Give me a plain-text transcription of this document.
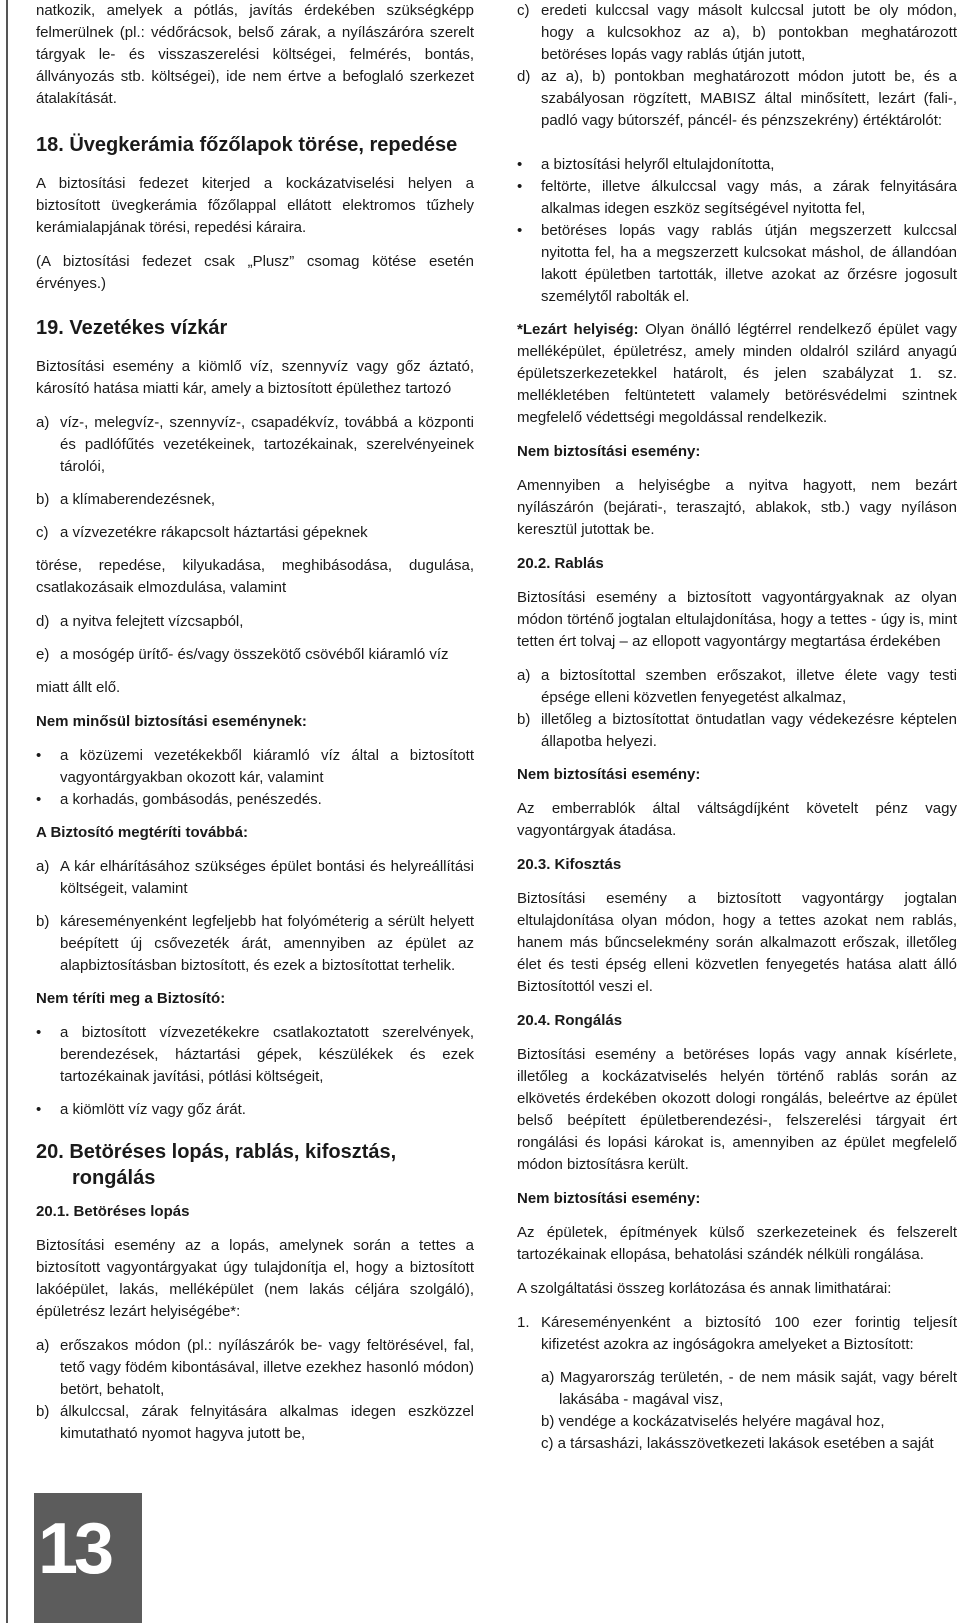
natkozik, amelyek a pótlás, javítás érdekében szükségképp felmerülnek (pl.: védőrácsok, belső zárak, a nyílászáróra szerelt tárgyak le- és visszaszerelési költségei, felmérés, bontás, állványozás stb. költségei), ide nem értve a befoglaló szerkezet átalakítását.

18. Üvegkerámia főzőlapok törése, repedése

A biztosítási fedezet kiterjed a kockázatviselési helyen a biztosított üvegkerámia főzőlappal ellátott elektromos tűzhely kerámialapjának törési, repedési káraira.

(A biztosítási fedezet csak „Plusz” csomag kötése esetén érvényes.)

19. Vezetékes vízkár

Biztosítási esemény a kiömlő víz, szennyvíz vagy gőz áztató, károsító hatása miatti kár, amely a biztosított épülethez tartozó

a) víz-, melegvíz-, szennyvíz-, csapadékvíz, továbbá a központi és padlófűtés vezetékeinek, tartozékainak, szerelvényeinek tárolói,
b) a klímaberendezésnek,
c) a vízvezetékre rákapcsolt háztartási gépeknek

törése, repedése, kilyukadása, meghibásodása, dugulása, csatlakozásaik elmozdulása, valamint

d) a nyitva felejtett vízcsapból,
e) a mosógép ürítő- és/vagy összekötő csövéből kiáramló víz

miatt állt elő.

Nem minősül biztosítási eseménynek:
• a közüzemi vezetékekből kiáramló víz által a biztosított vagyontárgyakban okozott kár, valamint
• a korhadás, gombásodás, penészedés.
A Biztosító megtéríti továbbá:
a) A kár elhárításához szükséges épület bontási és helyreállítási költségeit, valamint
b) káreseményenként legfeljebb hat folyóméterig a sérült helyett beépített új csővezeték árát, amennyiben az épület az alapbiztosításban biztosított, és ezek a biztosítottat terhelik.
Nem téríti meg a Biztosító:
• a biztosított vízvezetékekre csatlakoztatott szerelvények, berendezések, háztartási gépek, készülékek és ezek tartozékainak javítási, pótlási költségeit,
• a kiömlött víz vagy gőz árát.
20. Betöréses lopás, rablás, kifosztás, rongálás
20.1. Betöréses lopás

Biztosítási esemény az a lopás, amelynek során a tettes a biztosított vagyontárgyakat úgy tulajdonítja el, hogy a biztosított lakóépület, lakás, melléképület (nem lakás céljára szolgáló), épületrész lezárt helyiségébe*:

a) erőszakos módon (pl.: nyílászárók be- vagy feltörésével, fal, tető vagy födém kibontásával, illetve ezekhez hasonló módon) betört, behatolt,
b) álkulccsal, zárak felnyitására alkalmas idegen eszközzel kimutatható nyomot hagyva jutott be,
c) eredeti kulccsal vagy másolt kulccsal jutott be oly módon, hogy a kulcsokhoz az a), b) pontokban meghatározott betöréses lopás vagy rablás útján jutott,
d) az a), b) pontokban meghatározott módon jutott be, és a szabályosan rögzített, MABISZ által minősített, lezárt (fali-, padló vagy bútorszéf, páncél- és pénzszekrény) értéktárolót:
• a biztosítási helyről eltulajdonította,
• feltörte, illetve álkulccsal vagy más, a zárak felnyitására alkalmas idegen eszköz segítségével nyitotta fel,
• betöréses lopás vagy rablás útján megszerzett kulccsal nyitotta fel, ha a megszerzett kulcsokat máshol, de állandóan lakott épületben tartották, illetve azokat az őrzésre jogosult személytől rabolták el.

*Lezárt helyiség: Olyan önálló légtérrel rendelkező épület vagy melléképület, épületrész, amely minden oldalról szilárd anyagú épületszerkezetekkel határolt, és jelen szabályzat 1. sz. mellékletében feltüntetett valamely betörésvédelmi szintnek megfelelő védettségi megoldással rendelkezik.

Nem biztosítási esemény:

Amennyiben a helyiségbe a nyitva hagyott, nem bezárt nyílászárón (bejárati-, teraszajtó, ablakok, stb.) vagy nyíláson keresztül jutottak be.

20.2. Rablás

Biztosítási esemény a biztosított vagyontárgyaknak az olyan módon történő jogtalan eltulajdonítása, hogy a tettes - úgy is, mint tetten ért tolvaj – az ellopott vagyontárgy megtartása érdekében

a) a biztosítottal szemben erőszakot, illetve élete vagy testi épsége elleni közvetlen fenyegetést alkalmaz,
b) illetőleg a biztosítottat öntudatlan vagy védekezésre képtelen állapotba helyezi.
Nem biztosítási esemény:

Az emberrablók által váltságdíjként követelt pénz vagy vagyontárgyak átadása.

20.3. Kifosztás

Biztosítási esemény a biztosított vagyontárgy jogtalan eltulajdonítása olyan módon, hogy a tettes azokat nem rablás, hanem más bűncselekmény során alkalmazott erőszak, illetőleg élet és testi épség elleni közvetlen fenyegetés hatása alatt álló Biztosítottól veszi el.

20.4. Rongálás

Biztosítási esemény a betöréses lopás vagy annak kísérlete, illetőleg a kockázatviselés helyén történő rablás során az elkövetés érdekében okozott dologi rongálás, beleértve az épület belső beépített épületberendezési-, felszerelési tárgyait ért rongálási és lopási károkat is, amennyiben az épület megfelelő módon biztosításra került.

Nem biztosítási esemény:

Az épületek, építmények külső szerkezeteinek és felszerelt tartozékainak ellopása, behatolási szándék nélküli rongálása.

A szolgáltatási összeg korlátozása és annak limithatárai:

1. Káreseményenként a biztosító 100 ezer forintig teljesít kifizetést azokra az ingóságokra amelyeket a Biztosított:
a) Magyarország területén, - de nem másik saját, vagy bérelt lakásába - magával visz,
b) vendége a kockázatviselés helyére magával hoz,
c) a társasházi, lakásszövetkezeti lakások esetében a saját
13
